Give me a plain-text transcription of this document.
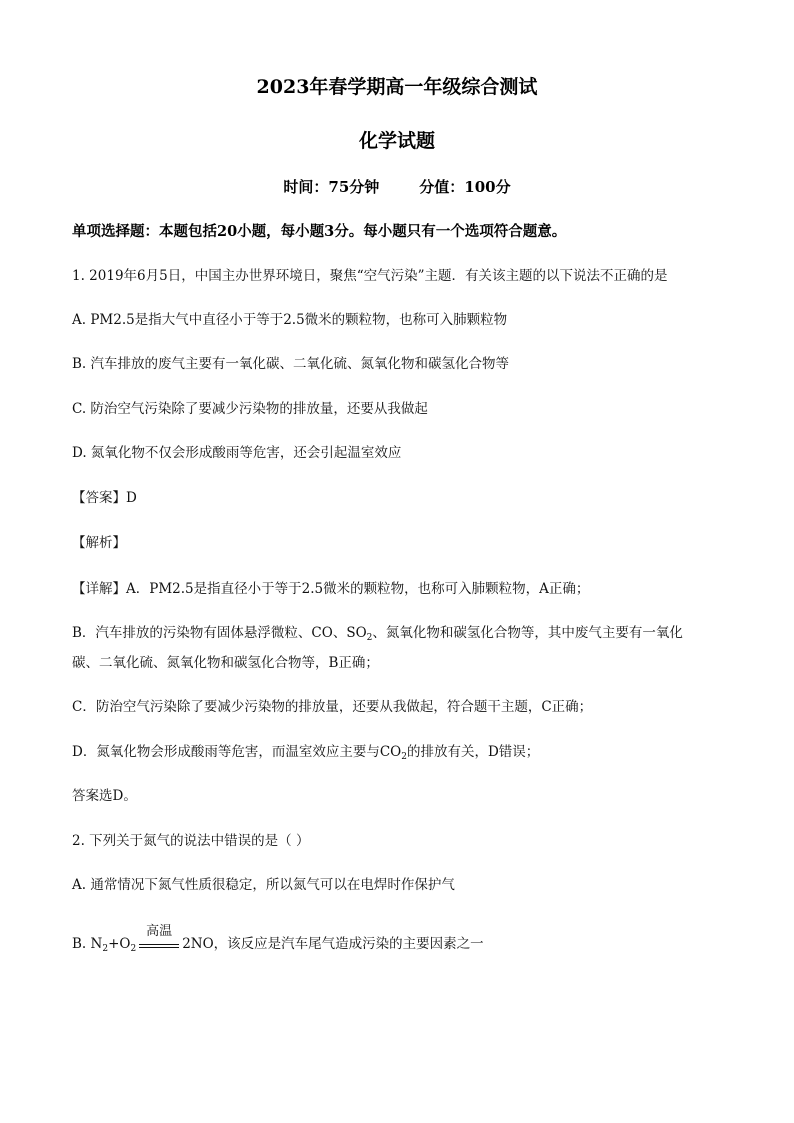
2023年春学期高一年级综合测试
化学试题
时间：75分钟	分值：100分
单项选择题：本题包括20小题，每小题3分。每小题只有一个选项符合题意。
1. 2019年6月5日，中国主办世界环境日，聚焦“空气污染”主题．有关该主题的以下说法不正确的是
A. PM2.5是指大气中直径小于等于2.5微米的颗粒物，也称可入肺颗粒物
B. 汽车排放的废气主要有一氧化碳、二氧化硫、氮氧化物和碳氢化合物等
C. 防治空气污染除了要减少污染物的排放量，还要从我做起
D. 氮氧化物不仅会形成酸雨等危害，还会引起温室效应
【答案】D
【解析】
【详解】A．PM2.5是指直径小于等于2.5微米的颗粒物，也称可入肺颗粒物，A正确；
B．汽车排放的污染物有固体悬浮微粒、CO、$SO_2$、氮氧化物和碳氢化合物等，其中废气主要有一氧化
碳、二氧化硫、氮氧化物和碳氢化合物等，B正确；
C．防治空气污染除了要减少污染物的排放量，还要从我做起，符合题干主题，C正确；
D．氮氧化物会形成酸雨等危害，而温室效应主要与$CO_2$的排放有关，D错误；
答案选D。
2. 下列关于氮气的说法中错误的是（ ）
A. 通常情况下氮气性质很稳定，所以氮气可以在电焊时作保护气
B. $N_2+O_2$
高温
2NO，该反应是汽车尾气造成污染的主要因素之一
